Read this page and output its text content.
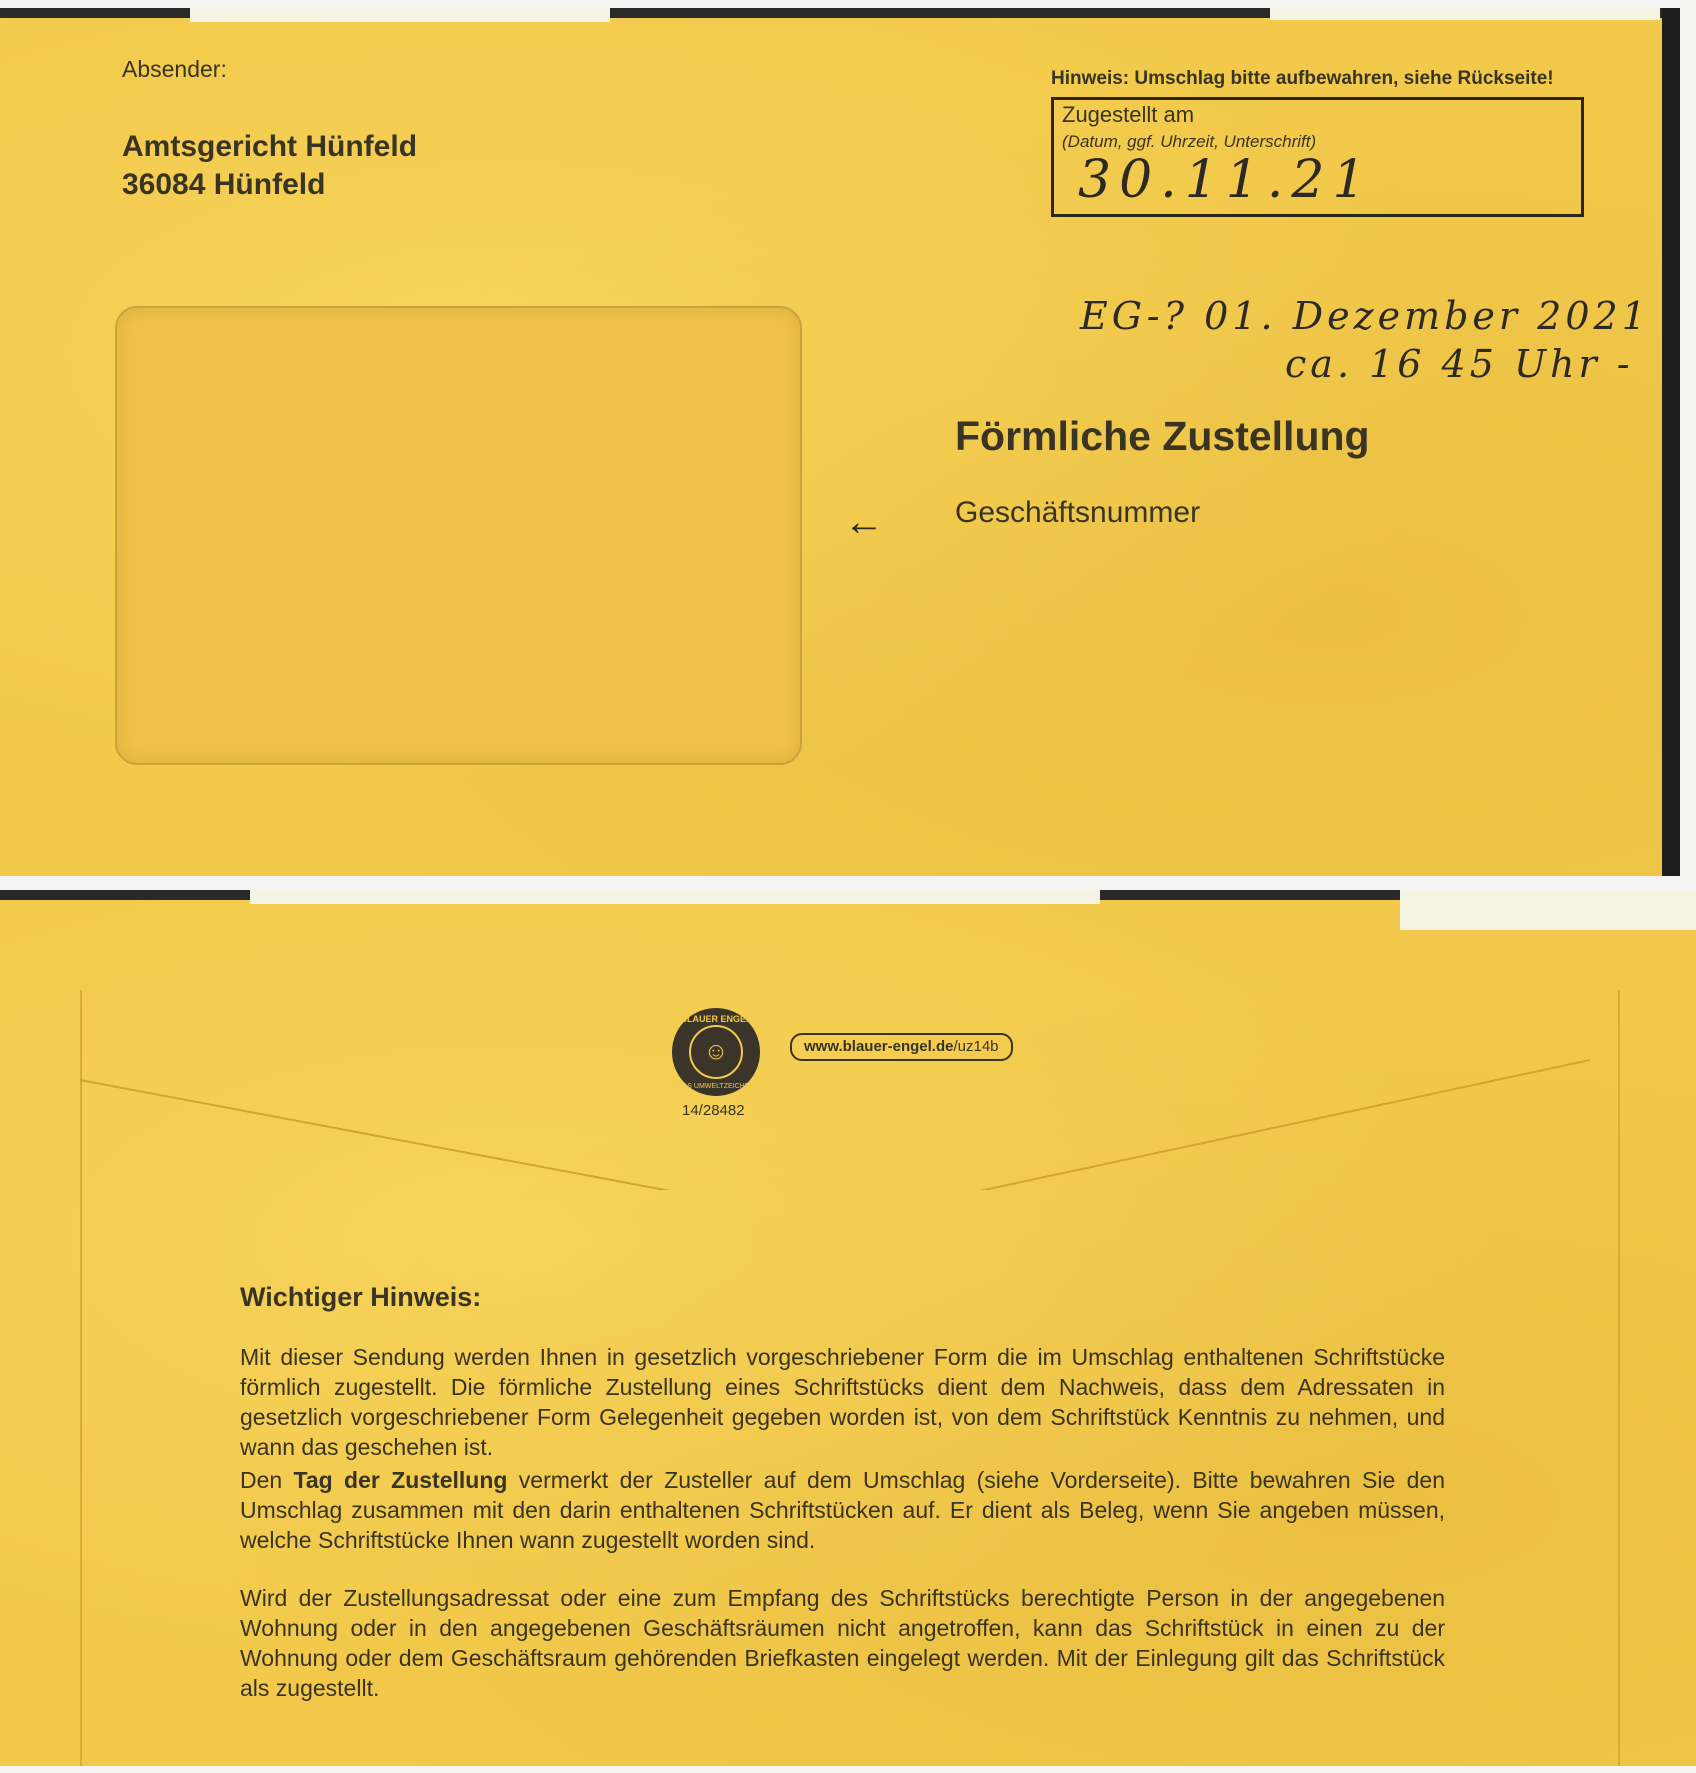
Absender:
Amtsgericht Hünfeld
36084 Hünfeld
Hinweis: Umschlag bitte aufbewahren, siehe Rückseite!
Zugestellt am
(Datum, ggf. Uhrzeit, Unterschrift)
30.11.21
EG-? 01. Dezember 2021
ca. 16 45 Uhr -
Förmliche Zustellung
← Geschäftsnummer
BLAUER ENGEL
☺
DAS UMWELTZEICHEN
14/28482
www.blauer-engel.de/uz14b
Wichtiger Hinweis:
Mit dieser Sendung werden Ihnen in gesetzlich vorgeschriebener Form die im Umschlag enthaltenen Schriftstücke förmlich zugestellt. Die förmliche Zustellung eines Schriftstücks dient dem Nachweis, dass dem Adressaten in gesetzlich vorgeschriebener Form Gelegenheit gegeben worden ist, von dem Schriftstück Kenntnis zu nehmen, und wann das geschehen ist.
Den Tag der Zustellung vermerkt der Zusteller auf dem Umschlag (siehe Vorderseite). Bitte bewahren Sie den Umschlag zusammen mit den darin enthaltenen Schriftstücken auf. Er dient als Beleg, wenn Sie angeben müssen, welche Schriftstücke Ihnen wann zugestellt worden sind.
Wird der Zustellungsadressat oder eine zum Empfang des Schriftstücks berechtigte Person in der angegebenen Wohnung oder in den angegebenen Geschäftsräumen nicht angetroffen, kann das Schriftstück in einen zu der Wohnung oder dem Geschäftsraum gehörenden Briefkasten eingelegt werden. Mit der Einlegung gilt das Schriftstück als zugestellt.
